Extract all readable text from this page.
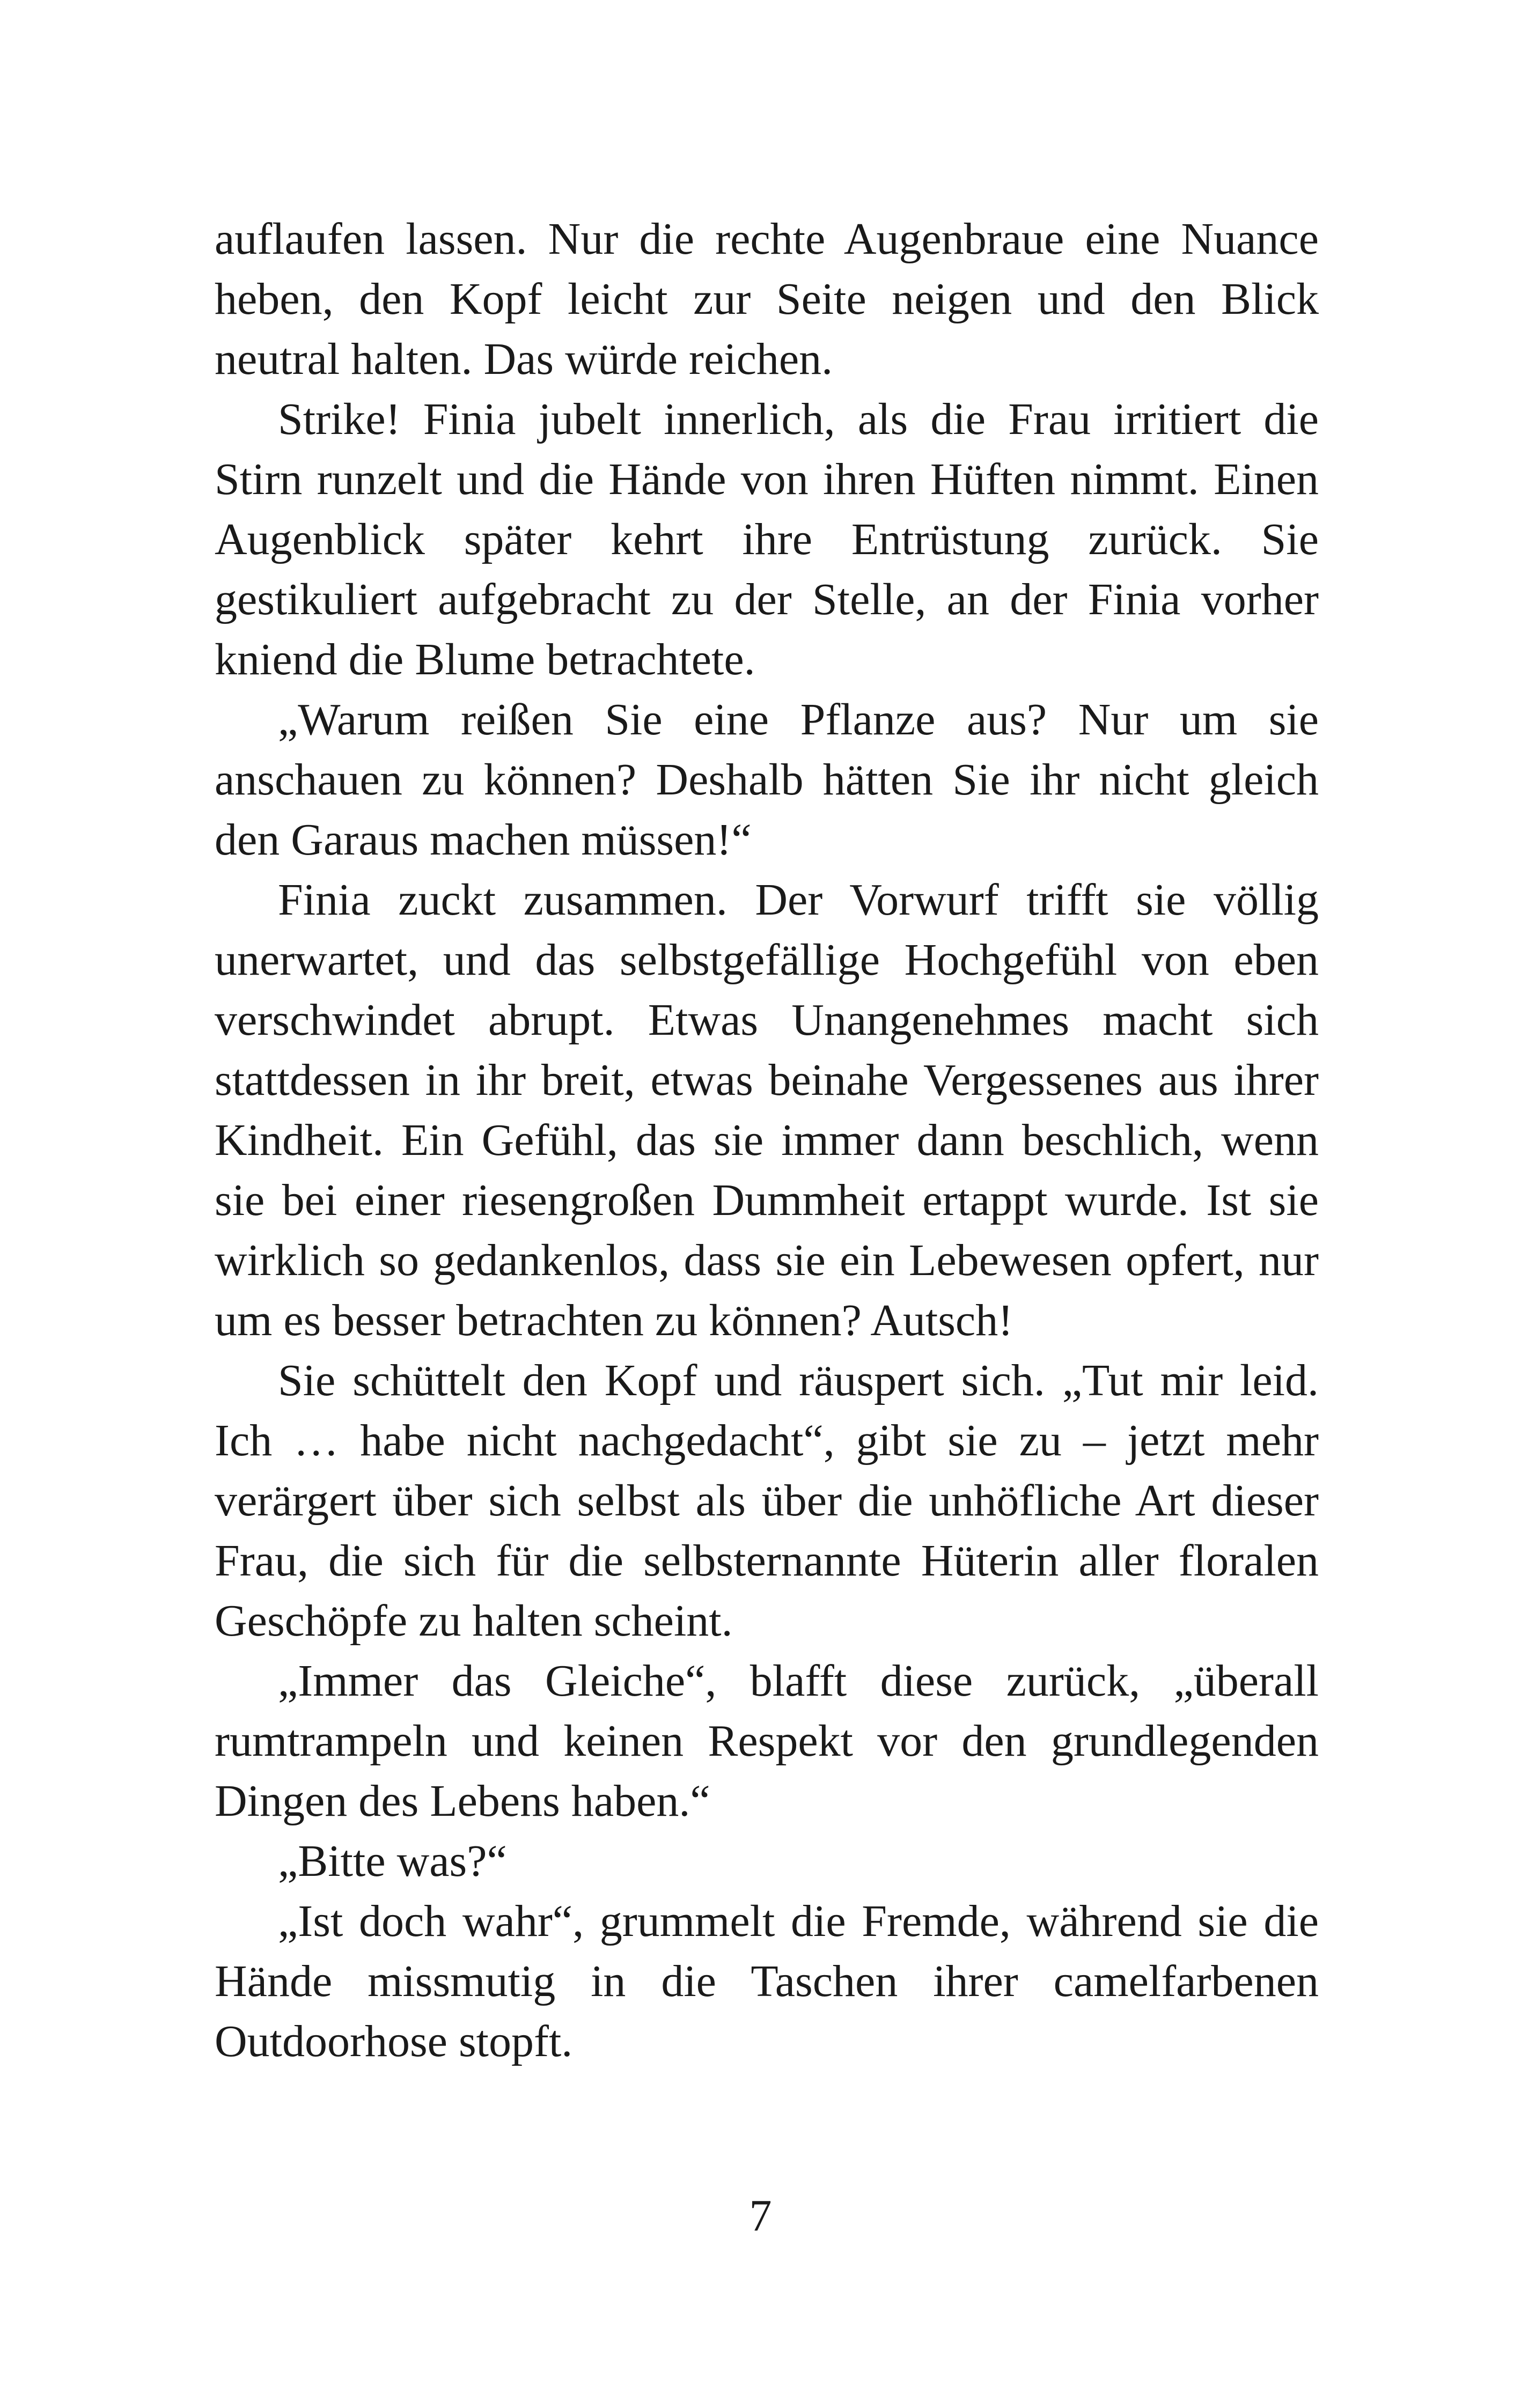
auflaufen lassen. Nur die rechte Augenbraue eine Nuance heben, den Kopf leicht zur Seite neigen und den Blick neutral halten. Das würde reichen.

Strike! Finia jubelt innerlich, als die Frau irritiert die Stirn runzelt und die Hände von ihren Hüften nimmt. Einen Augenblick später kehrt ihre Entrüstung zurück. Sie gestikuliert aufgebracht zu der Stelle, an der Finia vorher kniend die Blume betrachtete.

„Warum reißen Sie eine Pflanze aus? Nur um sie anschauen zu können? Deshalb hätten Sie ihr nicht gleich den Garaus machen müssen!“

Finia zuckt zusammen. Der Vorwurf trifft sie völlig unerwartet, und das selbstgefällige Hochgefühl von eben verschwindet abrupt. Etwas Unangenehmes macht sich stattdessen in ihr breit, etwas beinahe Vergessenes aus ihrer Kindheit. Ein Gefühl, das sie immer dann beschlich, wenn sie bei einer riesengroßen Dummheit ertappt wurde. Ist sie wirklich so gedankenlos, dass sie ein Lebewesen opfert, nur um es besser betrachten zu können? Autsch!

Sie schüttelt den Kopf und räuspert sich. „Tut mir leid. Ich … habe nicht nachgedacht“, gibt sie zu – jetzt mehr verärgert über sich selbst als über die unhöfliche Art dieser Frau, die sich für die selbsternannte Hüterin aller floralen Geschöpfe zu halten scheint.

„Immer das Gleiche“, blafft diese zurück, „überall rumtrampeln und keinen Respekt vor den grundlegenden Dingen des Lebens haben.“

„Bitte was?“

„Ist doch wahr“, grummelt die Fremde, während sie die Hände missmutig in die Taschen ihrer camelfarbenen Outdoorhose stopft.

7
